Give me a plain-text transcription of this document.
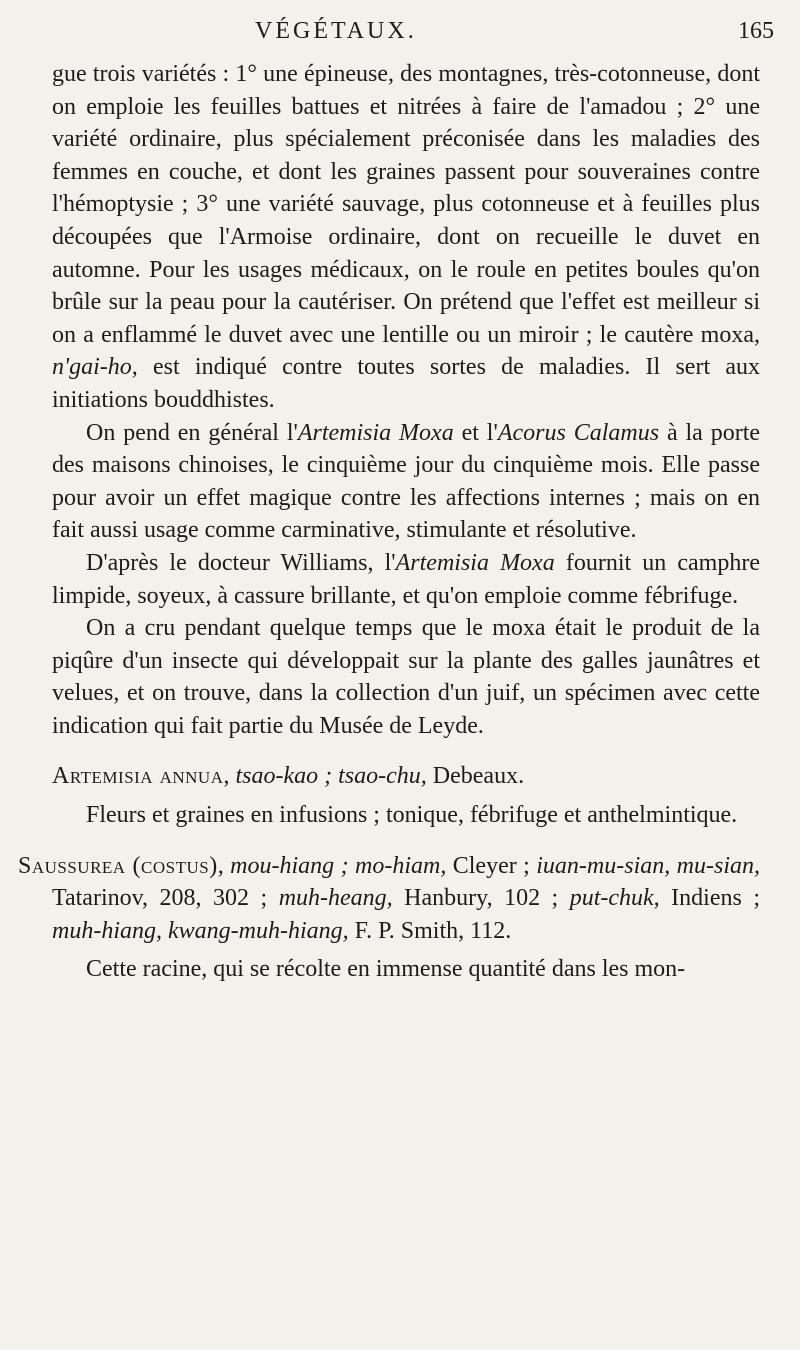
VÉGÉTAUX.	165

gue trois variétés : 1° une épineuse, des montagnes, très-cotonneuse, dont on emploie les feuilles battues et nitrées à faire de l'amadou ; 2° une variété ordinaire, plus spécialement préconisée dans les maladies des femmes en couche, et dont les graines passent pour souveraines contre l'hémoptysie ; 3° une variété sauvage, plus cotonneuse et à feuilles plus découpées que l'Armoise ordinaire, dont on recueille le duvet en automne. Pour les usages médicaux, on le roule en petites boules qu'on brûle sur la peau pour la cautériser. On prétend que l'effet est meilleur si on a enflammé le duvet avec une lentille ou un miroir ; le cautère moxa, n'gai-ho, est indiqué contre toutes sortes de maladies. Il sert aux initiations bouddhistes.

On pend en général l'Artemisia Moxa et l'Acorus Calamus à la porte des maisons chinoises, le cinquième jour du cinquième mois. Elle passe pour avoir un effet magique contre les affections internes ; mais on en fait aussi usage comme carminative, stimulante et résolutive.

D'après le docteur Williams, l'Artemisia Moxa fournit un camphre limpide, soyeux, à cassure brillante, et qu'on emploie comme fébrifuge.

On a cru pendant quelque temps que le moxa était le produit de la piqûre d'un insecte qui développait sur la plante des galles jaunâtres et velues, et on trouve, dans la collection d'un juif, un spécimen avec cette indication qui fait partie du Musée de Leyde.

Artemisia annua, tsao-kao ; tsao-chu, Debeaux.

Fleurs et graines en infusions ; tonique, fébrifuge et anthelmintique.

Saussurea (costus), mou-hiang ; mo-hiam, Cleyer ; iuan-mu-sian, mu-sian, Tatarinov, 208, 302 ; muh-heang, Hanbury, 102 ; put-chuk, Indiens ; muh-hiang, kwang-muh-hiang, F. P. Smith, 112.

Cette racine, qui se récolte en immense quantité dans les mon-
